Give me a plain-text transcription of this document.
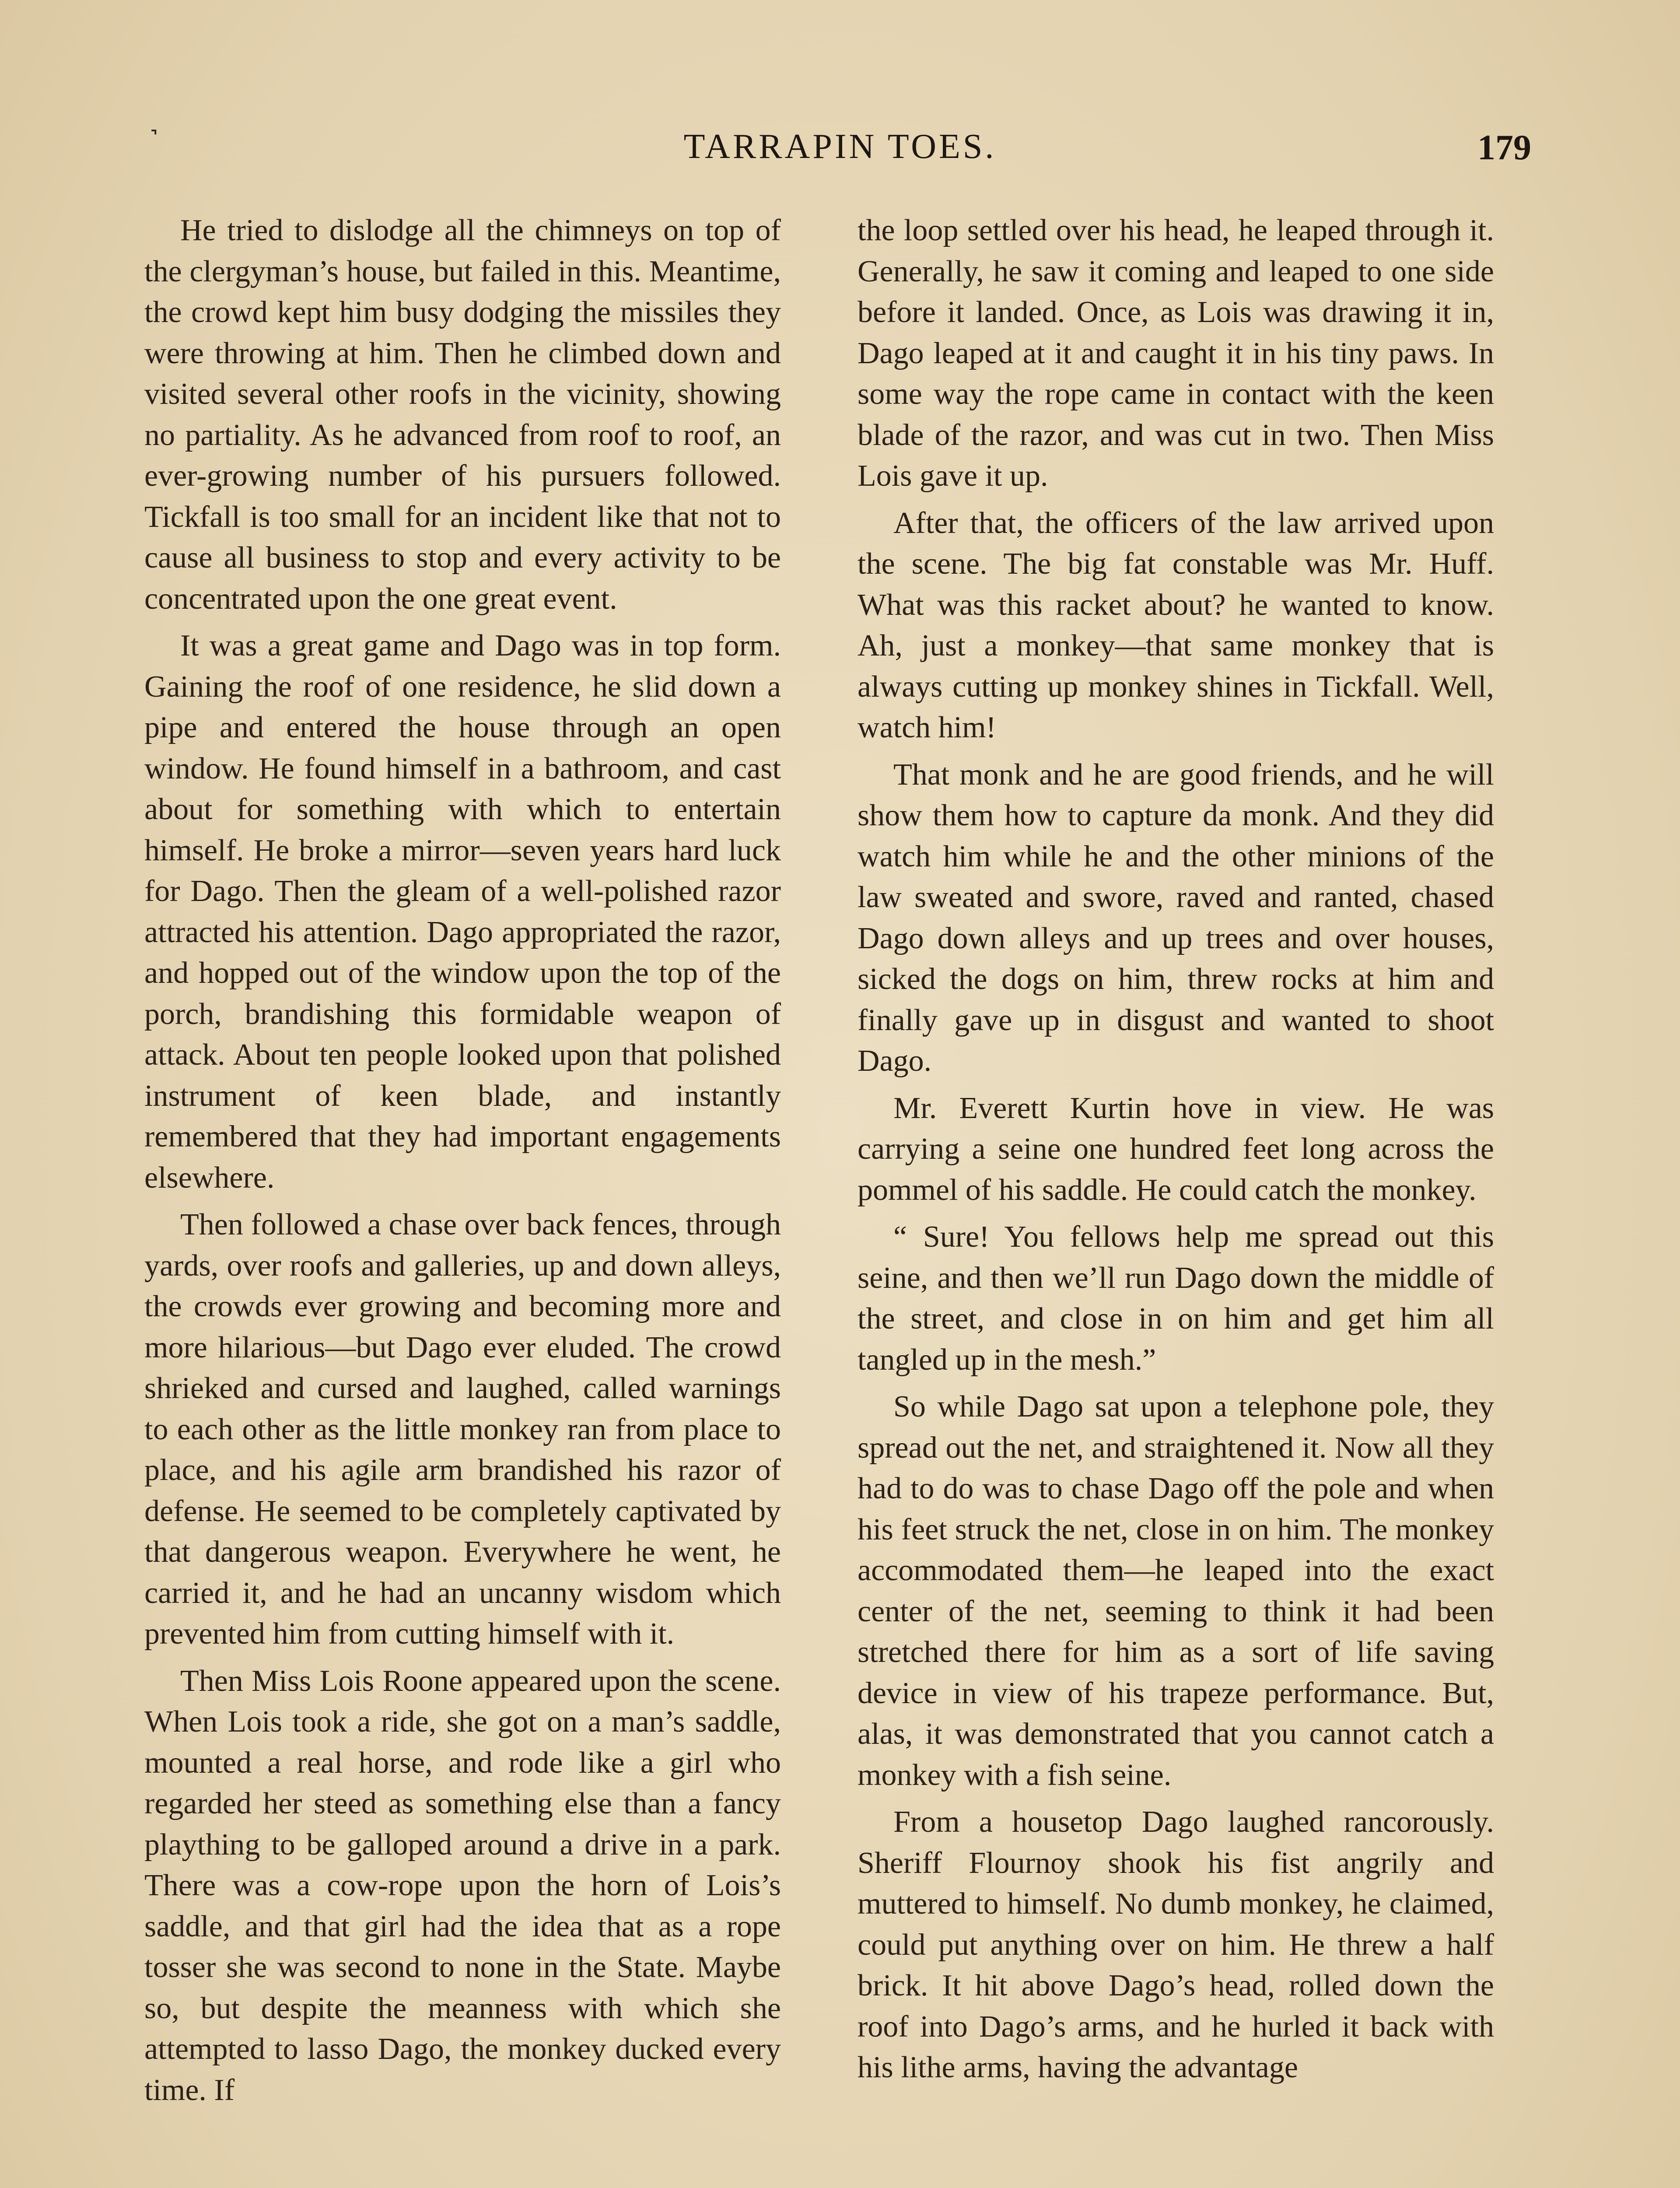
˺	TARRAPIN TOES.	179

He tried to dislodge all the chimneys on top of the clergyman’s house, but failed in this. Meantime, the crowd kept him busy dodging the missiles they were throwing at him. Then he climbed down and visited several other roofs in the vicinity, showing no partiality. As he advanced from roof to roof, an ever-growing number of his pursuers followed. Tickfall is too small for an incident like that not to cause all business to stop and every activity to be concentrated upon the one great event.

It was a great game and Dago was in top form. Gaining the roof of one residence, he slid down a pipe and entered the house through an open window. He found himself in a bathroom, and cast about for something with which to entertain himself. He broke a mirror—seven years hard luck for Dago. Then the gleam of a well-polished razor attracted his attention. Dago appropriated the razor, and hopped out of the window upon the top of the porch, brandishing this formidable weapon of attack. About ten people looked upon that polished instrument of keen blade, and instantly remembered that they had important engagements elsewhere.

Then followed a chase over back fences, through yards, over roofs and galleries, up and down alleys, the crowds ever growing and becoming more and more hilarious—but Dago ever eluded. The crowd shrieked and cursed and laughed, called warnings to each other as the little monkey ran from place to place, and his agile arm brandished his razor of defense. He seemed to be completely captivated by that dangerous weapon. Everywhere he went, he carried it, and he had an uncanny wisdom which prevented him from cutting himself with it.

Then Miss Lois Roone appeared upon the scene. When Lois took a ride, she got on a man’s saddle, mounted a real horse, and rode like a girl who regarded her steed as something else than a fancy plaything to be galloped around a drive in a park. There was a cow-rope upon the horn of Lois’s saddle, and that girl had the idea that as a rope tosser she was second to none in the State. Maybe so, but despite the meanness with which she attempted to lasso Dago, the monkey ducked every time. If

the loop settled over his head, he leaped through it. Generally, he saw it coming and leaped to one side before it landed. Once, as Lois was drawing it in, Dago leaped at it and caught it in his tiny paws. In some way the rope came in contact with the keen blade of the razor, and was cut in two. Then Miss Lois gave it up.

After that, the officers of the law arrived upon the scene. The big fat constable was Mr. Huff. What was this racket about? he wanted to know. Ah, just a monkey—that same monkey that is always cutting up monkey shines in Tickfall. Well, watch him!

That monk and he are good friends, and he will show them how to capture da monk. And they did watch him while he and the other minions of the law sweated and swore, raved and ranted, chased Dago down alleys and up trees and over houses, sicked the dogs on him, threw rocks at him and finally gave up in disgust and wanted to shoot Dago.

Mr. Everett Kurtin hove in view. He was carrying a seine one hundred feet long across the pommel of his saddle. He could catch the monkey.

“ Sure! You fellows help me spread out this seine, and then we’ll run Dago down the middle of the street, and close in on him and get him all tangled up in the mesh.”

So while Dago sat upon a telephone pole, they spread out the net, and straightened it. Now all they had to do was to chase Dago off the pole and when his feet struck the net, close in on him. The monkey accommodated them—he leaped into the exact center of the net, seeming to think it had been stretched there for him as a sort of life saving device in view of his trapeze performance. But, alas, it was demonstrated that you cannot catch a monkey with a fish seine.

From a housetop Dago laughed rancorously. Sheriff Flournoy shook his fist angrily and muttered to himself. No dumb monkey, he claimed, could put anything over on him. He threw a half brick. It hit above Dago’s head, rolled down the roof into Dago’s arms, and he hurled it back with his lithe arms, having the advantage
